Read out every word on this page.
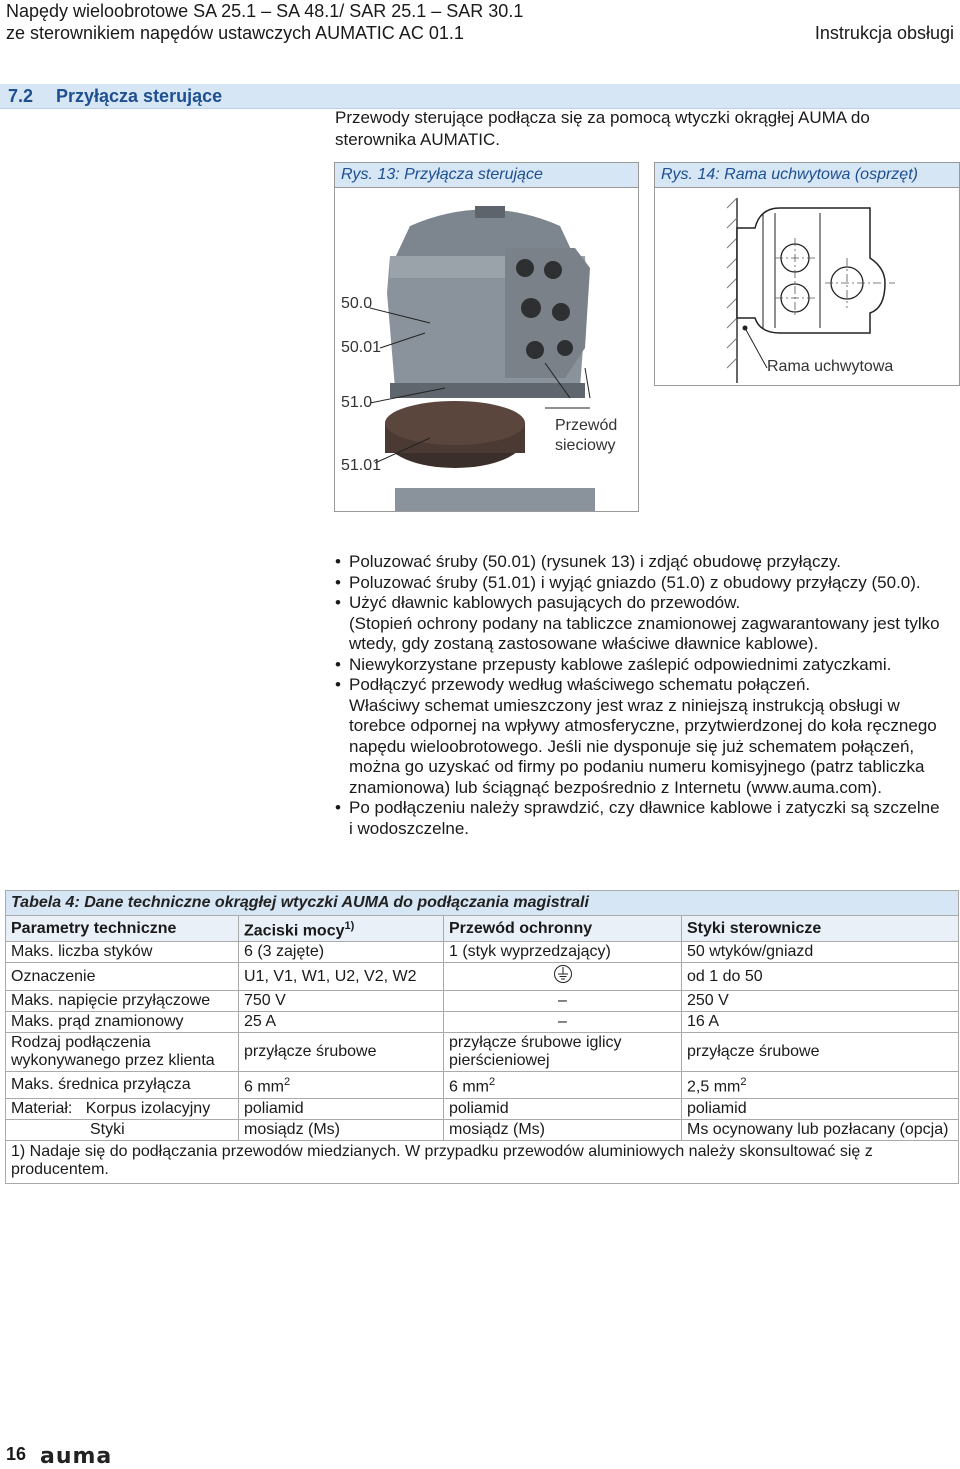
Napędy wieloobrotowe SA 25.1 – SA 48.1/ SAR 25.1 – SAR 30.1
ze sterownikiem napędów ustawczych AUMATIC AC 01.1	Instrukcja obsługi
7.2 Przyłącza sterujące
Przewody sterujące podłącza się za pomocą wtyczki okrągłej AUMA do sterownika AUMATIC.
Rys. 13: Przyłącza sterujące
50.0
50.01
51.0
51.01
Przewód
sieciowy
Rys. 14: Rama uchwytowa (osprzęt)
Rama uchwytowa
• Poluzować śruby (50.01) (rysunek 13) i zdjąć obudowę przyłączy.
• Poluzować śruby (51.01) i wyjąć gniazdo (51.0) z obudowy przyłączy (50.0).
• Użyć dławnic kablowych pasujących do przewodów.
(Stopień ochrony podany na tabliczce znamionowej zagwarantowany jest tylko wtedy, gdy zostaną zastosowane właściwe dławnice kablowe).
• Niewykorzystane przepusty kablowe zaślepić odpowiednimi zatyczkami.
• Podłączyć przewody według właściwego schematu połączeń.
Właściwy schemat umieszczony jest wraz z niniejszą instrukcją obsługi w torebce odpornej na wpływy atmosferyczne, przytwierdzonej do koła ręcznego napędu wieloobrotowego. Jeśli nie dysponuje się już schematem połączeń, można go uzyskać od firmy po podaniu numeru komisyjnego (patrz tabliczka znamionowa) lub ściągnąć bezpośrednio z Internetu (www.auma.com).
• Po podłączeniu należy sprawdzić, czy dławnice kablowe i zatyczki są szczelne i wodoszczelne.
Tabela 4: Dane techniczne okrągłej wtyczki AUMA do podłączania magistrali			
Parametry techniczne	Zaciski mocy$^{1)}$	Przewód ochronny	Styki sterownicze
Maks. liczba styków	6 (3 zajęte)	1 (styk wyprzedzający)	50 wtyków/gniazd
Oznaczenie	U1, V1, W1, U2, V2, W2		od 1 do 50
Maks. napięcie przyłączowe	750 V	–	250 V
Maks. prąd znamionowy	25 A	–	16 A
Rodzaj podłączenia wykonywanego przez klienta	przyłącze śrubowe	przyłącze śrubowe iglicy pierścieniowej	przyłącze śrubowe
Maks. średnica przyłącza	6 $mm^2$	6 $mm^2$	2,5 $mm^2$
Materiał:   Korpus izolacyjny	poliamid	poliamid	poliamid
Styki	mosiądz (Ms)	mosiądz (Ms)	Ms ocynowany lub pozłacany (opcja)
1) Nadaje się do podłączania przewodów miedzianych. W przypadku przewodów aluminiowych należy skonsultować się z producentem.			
16 auma
